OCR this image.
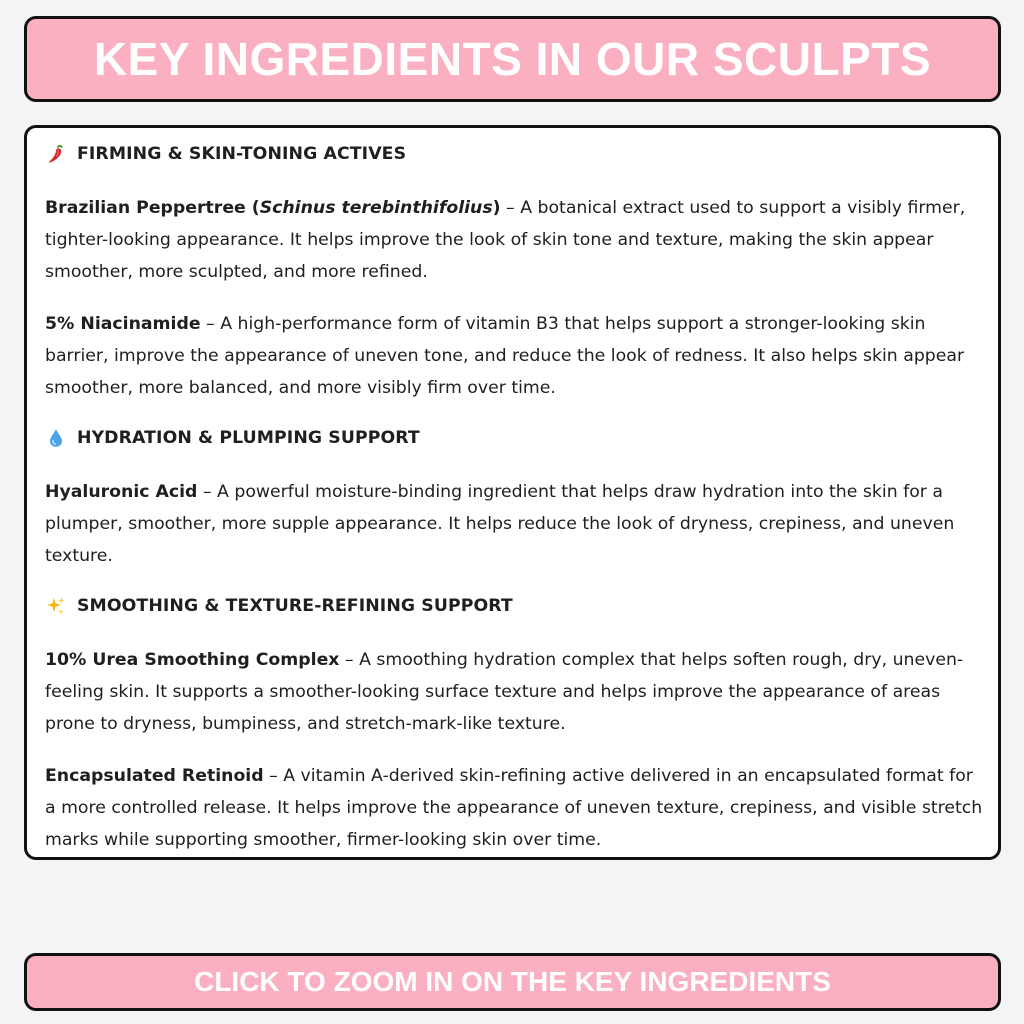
KEY INGREDIENTS IN OUR SCULPTS
FIRMING & SKIN-TONING ACTIVES

Brazilian Peppertree (Schinus terebinthifolius) – A botanical extract used to support a visibly firmer, tighter-looking appearance. It helps improve the look of skin tone and texture, making the skin appear smoother, more sculpted, and more refined.

5% Niacinamide – A high-performance form of vitamin B3 that helps support a stronger-looking skin barrier, improve the appearance of uneven tone, and reduce the look of redness. It also helps skin appear smoother, more balanced, and more visibly firm over time.

HYDRATION & PLUMPING SUPPORT

Hyaluronic Acid – A powerful moisture-binding ingredient that helps draw hydration into the skin for a plumper, smoother, more supple appearance. It helps reduce the look of dryness, crepiness, and uneven texture.

SMOOTHING & TEXTURE-REFINING SUPPORT

10% Urea Smoothing Complex – A smoothing hydration complex that helps soften rough, dry, uneven-feeling skin. It supports a smoother-looking surface texture and helps improve the appearance of areas prone to dryness, bumpiness, and stretch-mark-like texture.

Encapsulated Retinoid – A vitamin A-derived skin-refining active delivered in an encapsulated format for a more controlled release. It helps improve the appearance of uneven texture, crepiness, and visible stretch marks while supporting smoother, firmer-looking skin over time.

CLICK TO ZOOM IN ON THE KEY INGREDIENTS
